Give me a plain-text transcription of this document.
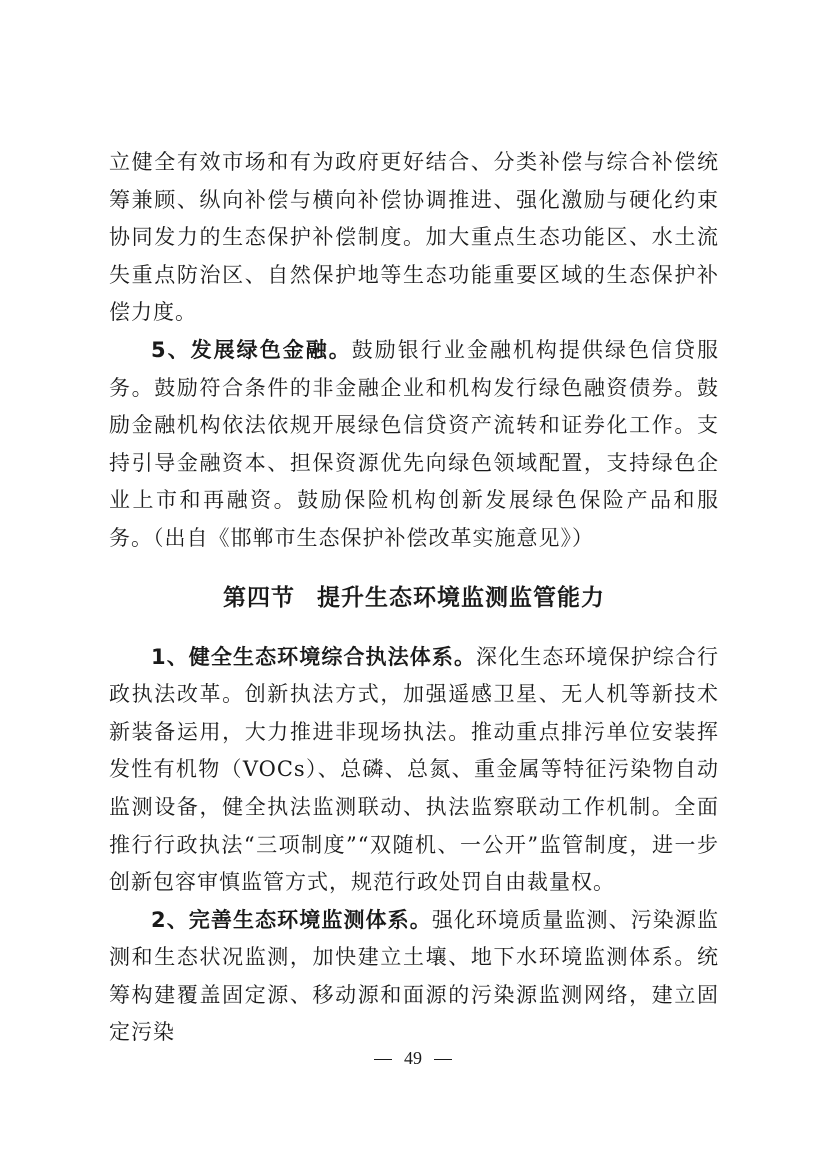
立健全有效市场和有为政府更好结合、分类补偿与综合补偿统筹兼顾、纵向补偿与横向补偿协调推进、强化激励与硬化约束协同发力的生态保护补偿制度。加大重点生态功能区、水土流失重点防治区、自然保护地等生态功能重要区域的生态保护补偿力度。

5、发展绿色金融。鼓励银行业金融机构提供绿色信贷服务。鼓励符合条件的非金融企业和机构发行绿色融资债券。鼓励金融机构依法依规开展绿色信贷资产流转和证券化工作。支持引导金融资本、担保资源优先向绿色领域配置，支持绿色企业上市和再融资。鼓励保险机构创新发展绿色保险产品和服务。（出自《邯郸市生态保护补偿改革实施意见》）

第四节 提升生态环境监测监管能力

1、健全生态环境综合执法体系。深化生态环境保护综合行政执法改革。创新执法方式，加强遥感卫星、无人机等新技术新装备运用，大力推进非现场执法。推动重点排污单位安装挥发性有机物（VOCs）、总磷、总氮、重金属等特征污染物自动监测设备，健全执法监测联动、执法监察联动工作机制。全面推行行政执法“三项制度”“双随机、一公开”监管制度，进一步创新包容审慎监管方式，规范行政处罚自由裁量权。

2、完善生态环境监测体系。强化环境质量监测、污染源监测和生态状况监测，加快建立土壤、地下水环境监测体系。统筹构建覆盖固定源、移动源和面源的污染源监测网络，建立固定污染

49
